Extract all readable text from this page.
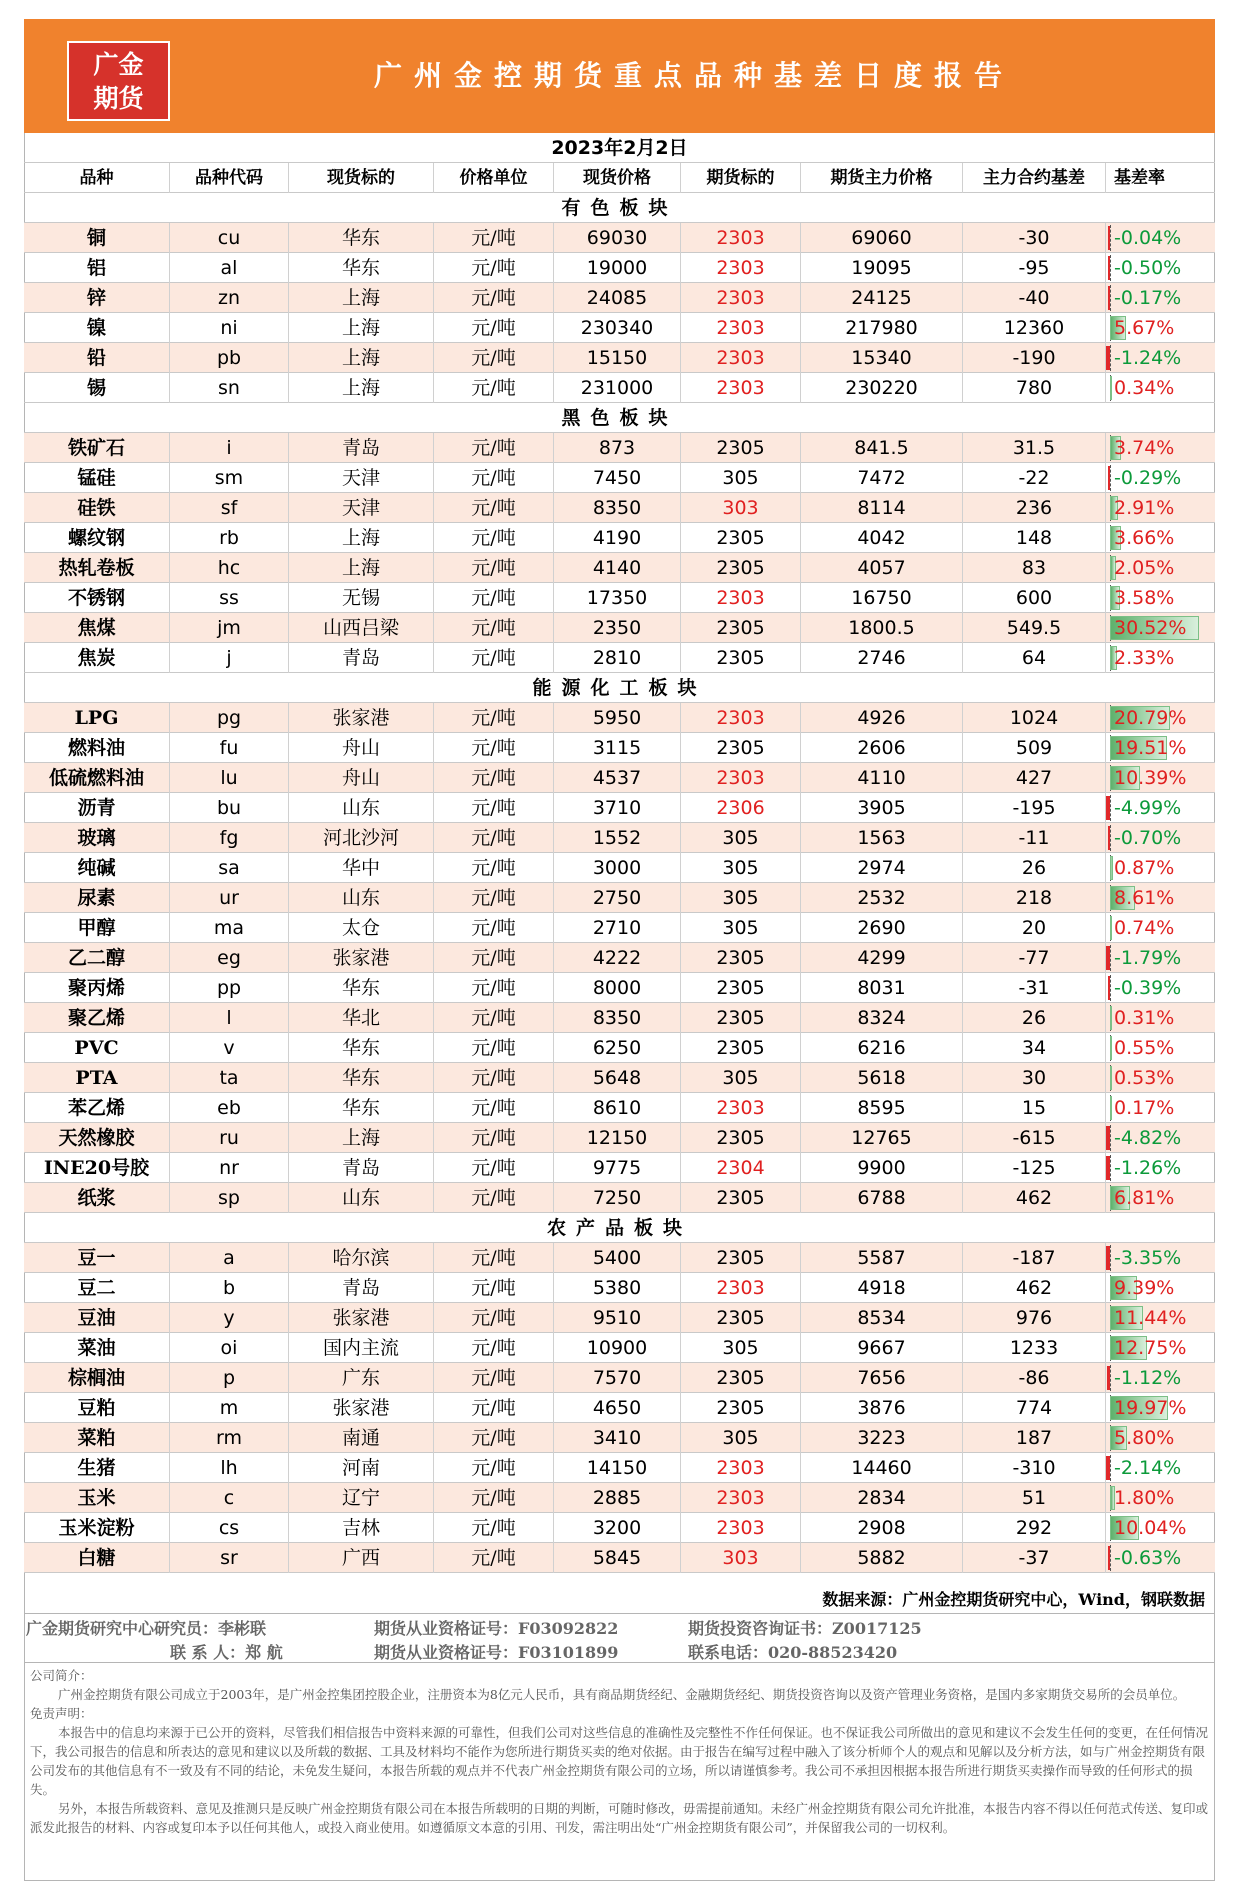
广金
期货
广州金控期货重点品种基差日度报告
2023年2月2日
品种	品种代码	现货标的	价格单位	现货价格	期货标的	期货主力价格	主力合约基差	基差率
有色板块
铜	cu	华东	元/吨	69030	2303	69060	-30	-0.04%
铝	al	华东	元/吨	19000	2303	19095	-95	-0.50%
锌	zn	上海	元/吨	24085	2303	24125	-40	-0.17%
镍	ni	上海	元/吨	230340	2303	217980	12360	5.67%
铅	pb	上海	元/吨	15150	2303	15340	-190	-1.24%
锡	sn	上海	元/吨	231000	2303	230220	780	0.34%
黑色板块
铁矿石	i	青岛	元/吨	873	2305	841.5	31.5	3.74%
锰硅	sm	天津	元/吨	7450	305	7472	-22	-0.29%
硅铁	sf	天津	元/吨	8350	303	8114	236	2.91%
螺纹钢	rb	上海	元/吨	4190	2305	4042	148	3.66%
热轧卷板	hc	上海	元/吨	4140	2305	4057	83	2.05%
不锈钢	ss	无锡	元/吨	17350	2303	16750	600	3.58%
焦煤	jm	山西吕梁	元/吨	2350	2305	1800.5	549.5	30.52%
焦炭	j	青岛	元/吨	2810	2305	2746	64	2.33%
能源化工板块
LPG	pg	张家港	元/吨	5950	2303	4926	1024	20.79%
燃料油	fu	舟山	元/吨	3115	2305	2606	509	19.51%
低硫燃料油	lu	舟山	元/吨	4537	2303	4110	427	10.39%
沥青	bu	山东	元/吨	3710	2306	3905	-195	-4.99%
玻璃	fg	河北沙河	元/吨	1552	305	1563	-11	-0.70%
纯碱	sa	华中	元/吨	3000	305	2974	26	0.87%
尿素	ur	山东	元/吨	2750	305	2532	218	8.61%
甲醇	ma	太仓	元/吨	2710	305	2690	20	0.74%
乙二醇	eg	张家港	元/吨	4222	2305	4299	-77	-1.79%
聚丙烯	pp	华东	元/吨	8000	2305	8031	-31	-0.39%
聚乙烯	l	华北	元/吨	8350	2305	8324	26	0.31%
PVC	v	华东	元/吨	6250	2305	6216	34	0.55%
PTA	ta	华东	元/吨	5648	305	5618	30	0.53%
苯乙烯	eb	华东	元/吨	8610	2303	8595	15	0.17%
天然橡胶	ru	上海	元/吨	12150	2305	12765	-615	-4.82%
INE20号胶	nr	青岛	元/吨	9775	2304	9900	-125	-1.26%
纸浆	sp	山东	元/吨	7250	2305	6788	462	6.81%
农产品板块
豆一	a	哈尔滨	元/吨	5400	2305	5587	-187	-3.35%
豆二	b	青岛	元/吨	5380	2303	4918	462	9.39%
豆油	y	张家港	元/吨	9510	2305	8534	976	11.44%
菜油	oi	国内主流	元/吨	10900	305	9667	1233	12.75%
棕榈油	p	广东	元/吨	7570	2305	7656	-86	-1.12%
豆粕	m	张家港	元/吨	4650	2305	3876	774	19.97%
菜粕	rm	南通	元/吨	3410	305	3223	187	5.80%
生猪	lh	河南	元/吨	14150	2303	14460	-310	-2.14%
玉米	c	辽宁	元/吨	2885	2303	2834	51	1.80%
玉米淀粉	cs	吉林	元/吨	3200	2303	2908	292	10.04%
白糖	sr	广西	元/吨	5845	303	5882	-37	-0.63%
数据来源：广州金控期货研究中心，Wind，钢联数据
广金期货研究中心研究员：李彬联	期货从业资格证号：F03092822	期货投资咨询证书：Z0017125
联 系 人：郑 航	期货从业资格证号：F03101899	联系电话：020-88523420

公司简介：

广州金控期货有限公司成立于2003年，是广州金控集团控股企业，注册资本为8亿元人民币，具有商品期货经纪、金融期货经纪、期货投资咨询以及资产管理业务资格，是国内多家期货交易所的会员单位。

免责声明：

本报告中的信息均来源于已公开的资料，尽管我们相信报告中资料来源的可靠性，但我们公司对这些信息的准确性及完整性不作任何保证。也不保证我公司所做出的意见和建议不会发生任何的变更，在任何情况下，我公司报告的信息和所表达的意见和建议以及所载的数据、工具及材料均不能作为您所进行期货买卖的绝对依据。由于报告在编写过程中融入了该分析师个人的观点和见解以及分析方法，如与广州金控期货有限公司发布的其他信息有不一致及有不同的结论，未免发生疑问，本报告所载的观点并不代表广州金控期货有限公司的立场，所以请谨慎参考。我公司不承担因根据本报告所进行期货买卖操作而导致的任何形式的损失。

另外，本报告所载资料、意见及推测只是反映广州金控期货有限公司在本报告所载明的日期的判断，可随时修改，毋需提前通知。未经广州金控期货有限公司允许批准，本报告内容不得以任何范式传送、复印或派发此报告的材料、内容或复印本予以任何其他人，或投入商业使用。如遵循原文本意的引用、刊发，需注明出处“广州金控期货有限公司”，并保留我公司的一切权利。
